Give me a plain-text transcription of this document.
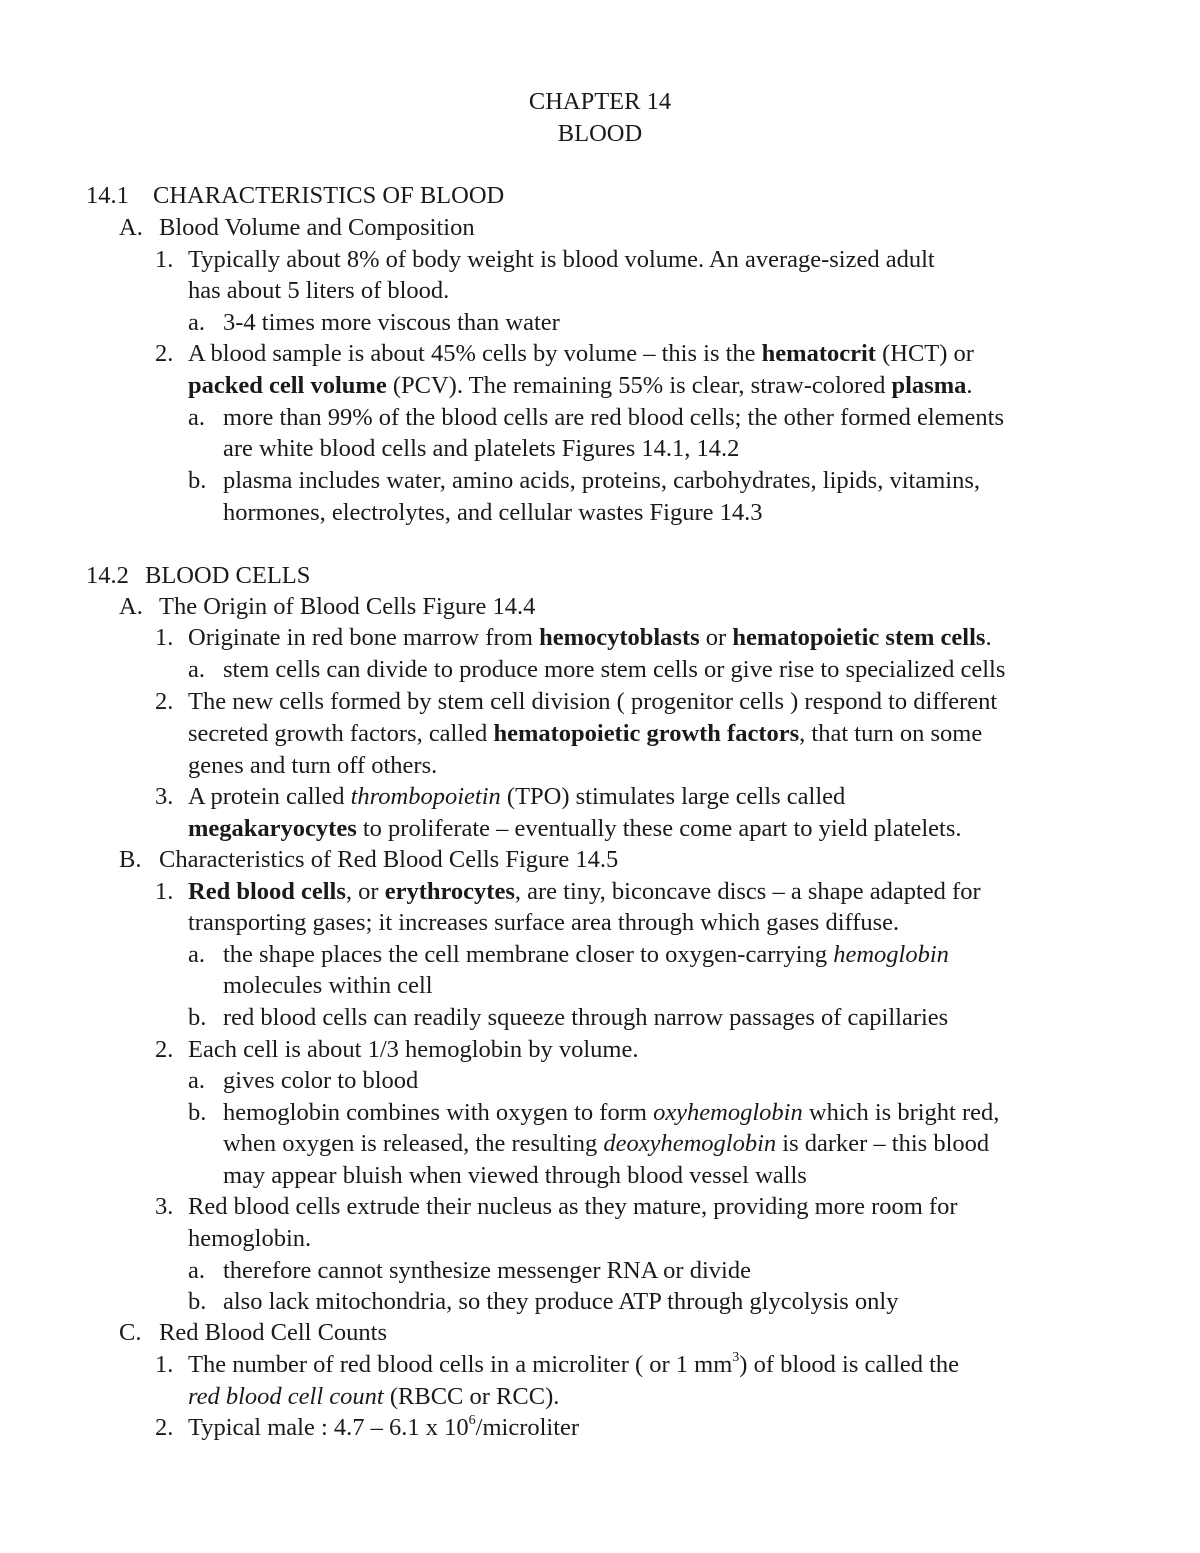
CHAPTER 14
BLOOD
14.1 CHARACTERISTICS OF BLOOD
A. Blood Volume and Composition
1. Typically about 8% of body weight is blood volume. An average-sized adult
has about 5 liters of blood.
a. 3-4 times more viscous than water
2. A blood sample is about 45% cells by volume – this is the hematocrit (HCT) or
packed cell volume (PCV). The remaining 55% is clear, straw-colored plasma.
a. more than 99% of the blood cells are red blood cells; the other formed elements
are white blood cells and platelets Figures 14.1, 14.2
b. plasma includes water, amino acids, proteins, carbohydrates, lipids, vitamins,
hormones, electrolytes, and cellular wastes Figure 14.3
14.2 BLOOD CELLS
A. The Origin of Blood Cells Figure 14.4
1. Originate in red bone marrow from hemocytoblasts or hematopoietic stem cells.
a. stem cells can divide to produce more stem cells or give rise to specialized cells
2. The new cells formed by stem cell division ( progenitor cells ) respond to different
secreted growth factors, called hematopoietic growth factors, that turn on some
genes and turn off others.
3. A protein called thrombopoietin (TPO) stimulates large cells called
megakaryocytes to proliferate – eventually these come apart to yield platelets.
B. Characteristics of Red Blood Cells Figure 14.5
1. Red blood cells, or erythrocytes, are tiny, biconcave discs – a shape adapted for
transporting gases; it increases surface area through which gases diffuse.
a. the shape places the cell membrane closer to oxygen-carrying hemoglobin
molecules within cell
b. red blood cells can readily squeeze through narrow passages of capillaries
2. Each cell is about 1/3 hemoglobin by volume.
a. gives color to blood
b. hemoglobin combines with oxygen to form oxyhemoglobin which is bright red,
when oxygen is released, the resulting deoxyhemoglobin is darker – this blood
may appear bluish when viewed through blood vessel walls
3. Red blood cells extrude their nucleus as they mature, providing more room for
hemoglobin.
a. therefore cannot synthesize messenger RNA or divide
b. also lack mitochondria, so they produce ATP through glycolysis only
C. Red Blood Cell Counts
1. The number of red blood cells in a microliter ( or 1 $mm^3$) of blood is called the
red blood cell count (RBCC or RCC).
2. Typical male : 4.7 – 6.1 x $10^6$/microliter
